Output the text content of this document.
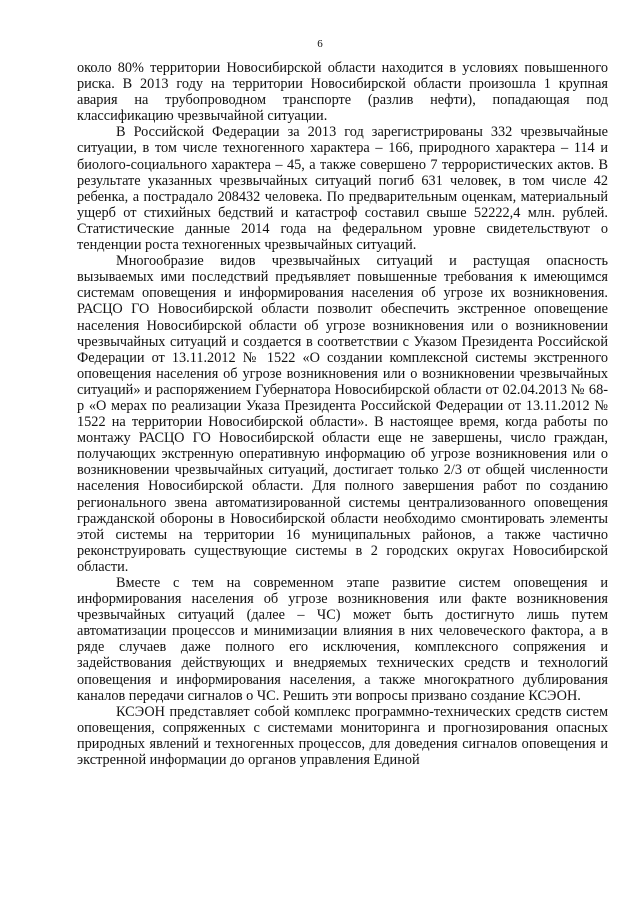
6

около 80% территории Новосибирской области находится в условиях повышенного риска. В 2013 году на территории Новосибирской области произошла 1 крупная авария на трубопроводном транспорте (разлив нефти), попадающая под классификацию чрезвычайной ситуации.

В Российской Федерации за 2013 год зарегистрированы 332 чрезвычайные ситуации, в том числе техногенного характера – 166, природного характера – 114 и биолого-социального характера – 45, а также совершено 7 террористических актов. В результате указанных чрезвычайных ситуаций погиб 631 человек, в том числе 42 ребенка, а пострадало 208432 человека. По предварительным оценкам, материальный ущерб от стихийных бедствий и катастроф составил свыше 52222,4 млн. рублей. Статистические данные 2014 года на федеральном уровне свидетельствуют о тенденции роста техногенных чрезвычайных ситуаций.

Многообразие видов чрезвычайных ситуаций и растущая опасность вызываемых ими последствий предъявляет повышенные требования к имеющимся системам оповещения и информирования населения об угрозе их возникновения. РАСЦО ГО Новосибирской области позволит обеспечить экстренное оповещение населения Новосибирской области об угрозе возникновения или о возникновении чрезвычайных ситуаций и создается в соответствии с Указом Президента Российской Федерации от 13.11.2012 № 1522 «О создании комплексной системы экстренного оповещения населения об угрозе возникновения или о возникновении чрезвычайных ситуаций» и распоряжением Губернатора Новосибирской области от 02.04.2013 № 68-р «О мерах по реализации Указа Президента Российской Федерации от 13.11.2012 № 1522 на территории Новосибирской области». В настоящее время, когда работы по монтажу РАСЦО ГО Новосибирской области еще не завершены, число граждан, получающих экстренную оперативную информацию об угрозе возникновения или о возникновении чрезвычайных ситуаций, достигает только 2/3 от общей численности населения Новосибирской области. Для полного завершения работ по созданию регионального звена автоматизированной системы централизованного оповещения гражданской обороны в Новосибирской области необходимо смонтировать элементы этой системы на территории 16 муниципальных районов, а также частично реконструировать существующие системы в 2 городских округах Новосибирской области.

Вместе с тем на современном этапе развитие систем оповещения и информирования населения об угрозе возникновения или факте возникновения чрезвычайных ситуаций (далее – ЧС) может быть достигнуто лишь путем автоматизации процессов и минимизации влияния в них человеческого фактора, а в ряде случаев даже полного его исключения, комплексного сопряжения и задействования действующих и внедряемых технических средств и технологий оповещения и информирования населения, а также многократного дублирования каналов передачи сигналов о ЧС. Решить эти вопросы призвано создание КСЭОН.

КСЭОН представляет собой комплекс программно-технических средств систем оповещения, сопряженных с системами мониторинга и прогнозирования опасных природных явлений и техногенных процессов, для доведения сигналов оповещения и экстренной информации до органов управления Единой
